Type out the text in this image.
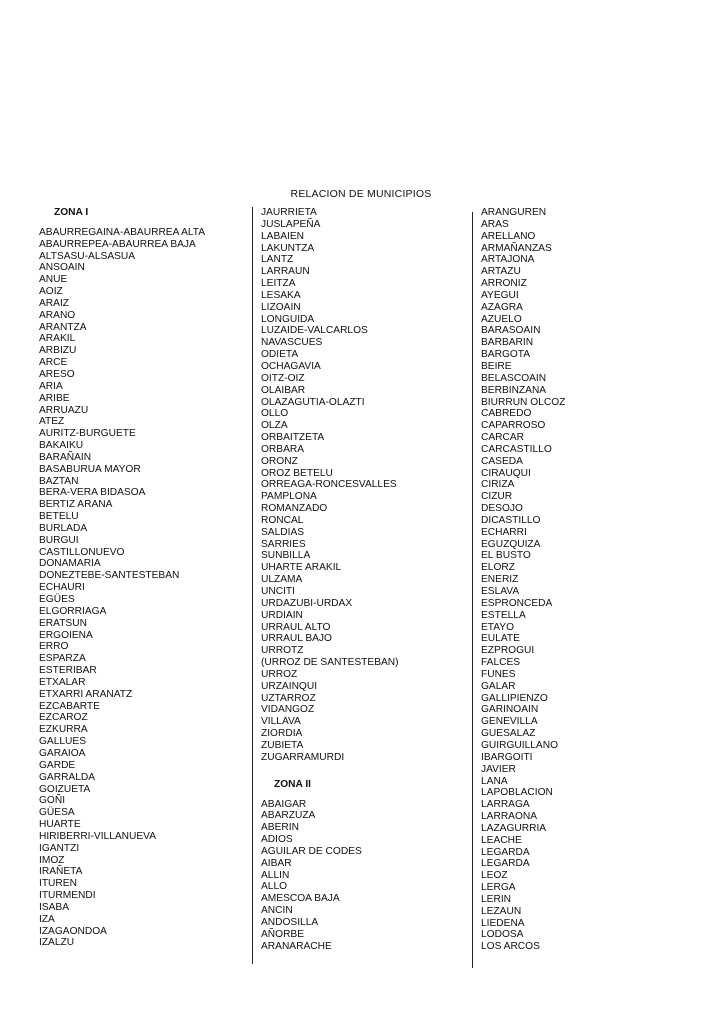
RELACION DE MUNICIPIOS
ZONA I
ABAURREGAINA-ABAURREA ALTA
ABAURREPEA-ABAURREA BAJA
ALTSASU-ALSASUA
ANSOAIN
ANUE
AOIZ
ARAIZ
ARANO
ARANTZA
ARAKIL
ARBIZU
ARCE
ARESO
ARIA
ARIBE
ARRUAZU
ATEZ
AURITZ-BURGUETE
BAKAIKU
BARAÑAIN
BASABURUA MAYOR
BAZTAN
BERA-VERA BIDASOA
BERTIZ ARANA
BETELU
BURLADA
BURGUI
CASTILLONUEVO
DONAMARIA
DONEZTEBE-SANTESTEBAN
ECHAURI
EGÜES
ELGORRIAGA
ERATSUN
ERGOIENA
ERRO
ESPARZA
ESTERIBAR
ETXALAR
ETXARRI ARANATZ
EZCABARTE
EZCAROZ
EZKURRA
GALLUES
GARAIOA
GARDE
GARRALDA
GOIZUETA
GOÑI
GÜESA
HUARTE
HIRIBERRI-VILLANUEVA
IGANTZI
IMOZ
IRAÑETA
ITUREN
ITURMENDI
ISABA
IZA
IZAGAONDOA
IZALZU
JAURRIETA
JUSLAPEÑA
LABAIEN
LAKUNTZA
LANTZ
LARRAUN
LEITZA
LESAKA
LIZOAIN
LONGUIDA
LUZAIDE-VALCARLOS
NAVASCUES
ODIETA
OCHAGAVIA
OITZ-OIZ
OLAIBAR
OLAZAGUTIA-OLAZTI
OLLO
OLZA
ORBAITZETA
ORBARA
ORONZ
OROZ BETELU
ORREAGA-RONCESVALLES
PAMPLONA
ROMANZADO
RONCAL
SALDIAS
SARRIES
SUNBILLA
UHARTE ARAKIL
ULZAMA
UNCITI
URDAZUBI-URDAX
URDIAIN
URRAUL ALTO
URRAUL BAJO
URROTZ
(URROZ DE SANTESTEBAN)
URROZ
URZAINQUI
UZTARROZ
VIDANGOZ
VILLAVA
ZIORDIA
ZUBIETA
ZUGARRAMURDI
ZONA II
ABAIGAR
ABARZUZA
ABERIN
ADIOS
AGUILAR DE CODES
AIBAR
ALLIN
ALLO
AMESCOA BAJA
ANCIN
ANDOSILLA
AÑORBE
ARANARACHE
ARANGUREN
ARAS
ARELLANO
ARMAÑANZAS
ARTAJONA
ARTAZU
ARRONIZ
AYEGUI
AZAGRA
AZUELO
BARASOAIN
BARBARIN
BARGOTA
BEIRE
BELASCOAIN
BERBINZANA
BIURRUN OLCOZ
CABREDO
CAPARROSO
CARCAR
CARCASTILLO
CASEDA
CIRAUQUI
CIRIZA
CIZUR
DESOJO
DICASTILLO
ECHARRI
EGUZQUIZA
EL BUSTO
ELORZ
ENERIZ
ESLAVA
ESPRONCEDA
ESTELLA
ETAYO
EULATE
EZPROGUI
FALCES
FUNES
GALAR
GALLIPIENZO
GARINOAIN
GENEVILLA
GUESALAZ
GUIRGUILLANO
IBARGOITI
JAVIER
LANA
LAPOBLACION
LARRAGA
LARRAONA
LAZAGURRIA
LEACHE
LEGARDA
LEGARDA
LEOZ
LERGA
LERIN
LEZAUN
LIEDENA
LODOSA
LOS ARCOS
